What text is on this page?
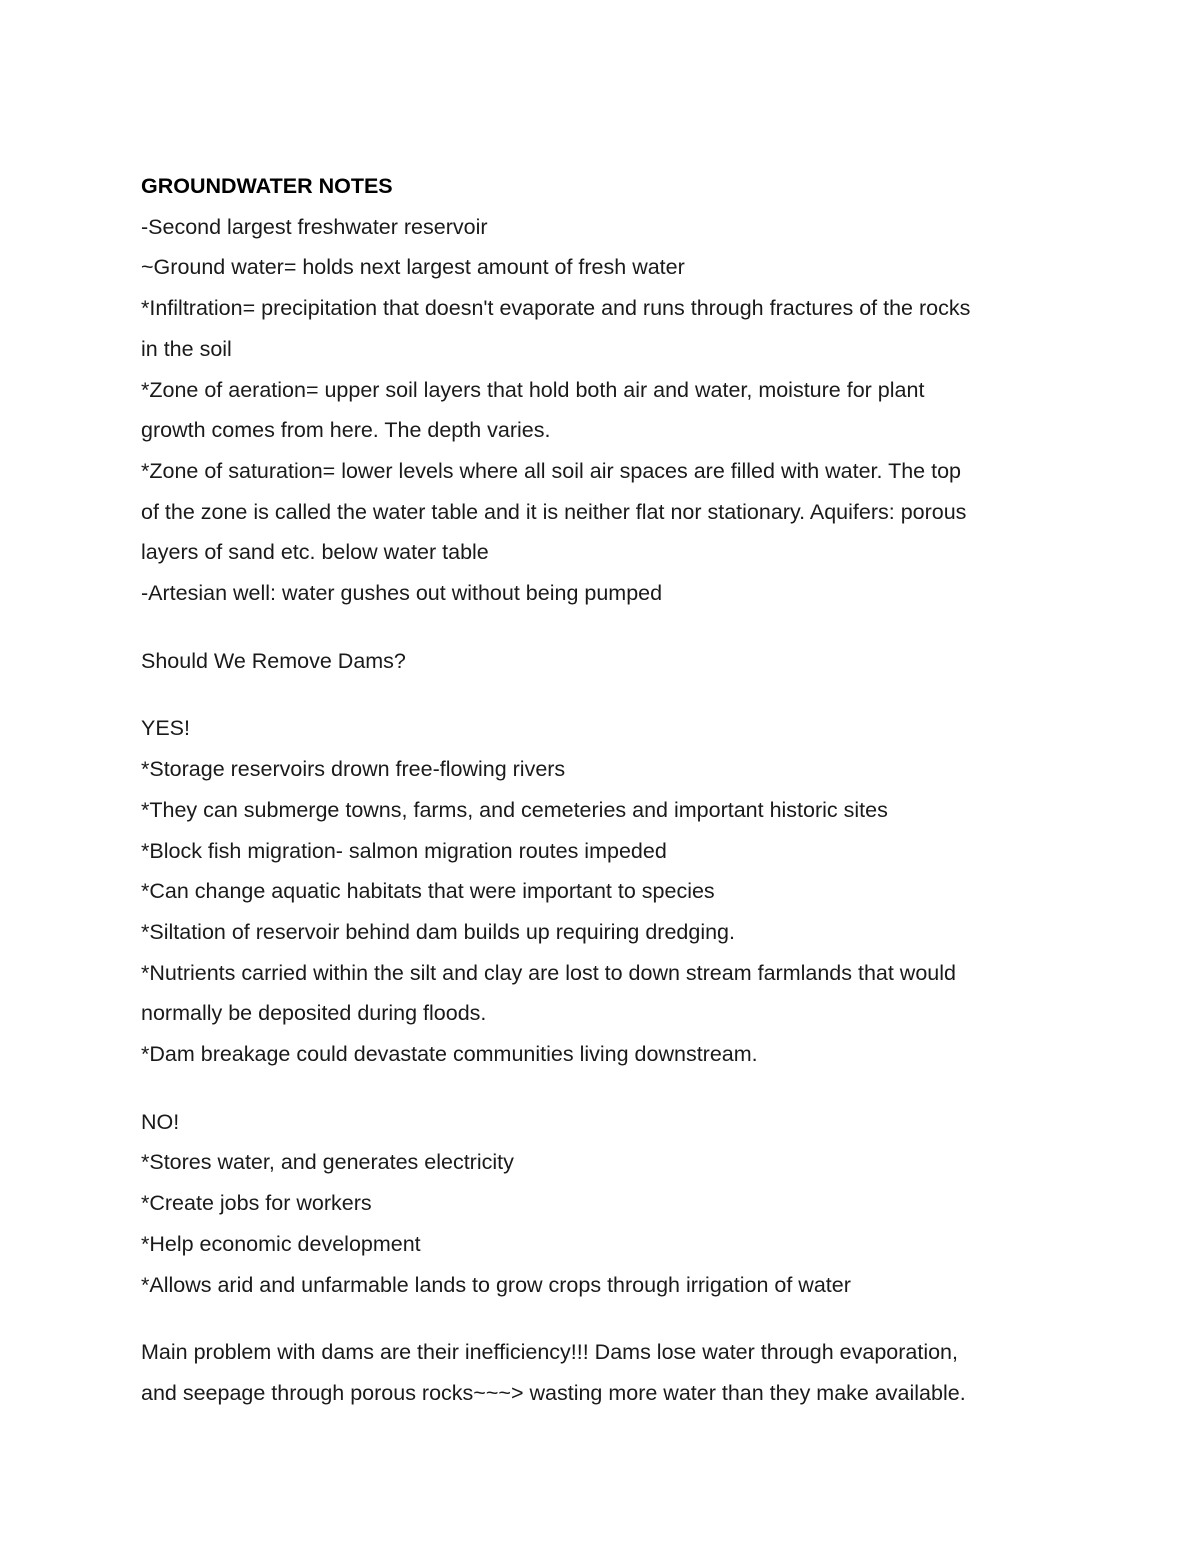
GROUNDWATER NOTES

-Second largest freshwater reservoir

~Ground water= holds next largest amount of fresh water

*Infiltration= precipitation that doesn't evaporate and runs through fractures of the rocks

in the soil

*Zone of aeration= upper soil layers that hold both air and water, moisture for plant

growth comes from here. The depth varies.

*Zone of saturation= lower levels where all soil air spaces are filled with water. The top

of the zone is called the water table and it is neither flat nor stationary. Aquifers: porous

layers of sand etc. below water table

-Artesian well: water gushes out without being pumped

Should We Remove Dams?

YES!

*Storage reservoirs drown free-flowing rivers

*They can submerge towns, farms, and cemeteries and important historic sites

*Block fish migration- salmon migration routes impeded

*Can change aquatic habitats that were important to species

*Siltation of reservoir behind dam builds up requiring dredging.

*Nutrients carried within the silt and clay are lost to down stream farmlands that would

normally be deposited during floods.

*Dam breakage could devastate communities living downstream.

NO!

*Stores water, and generates electricity

*Create jobs for workers

*Help economic development

*Allows arid and unfarmable lands to grow crops through irrigation of water

Main problem with dams are their inefficiency!!! Dams lose water through evaporation,

and seepage through porous rocks~~~> wasting more water than they make available.
